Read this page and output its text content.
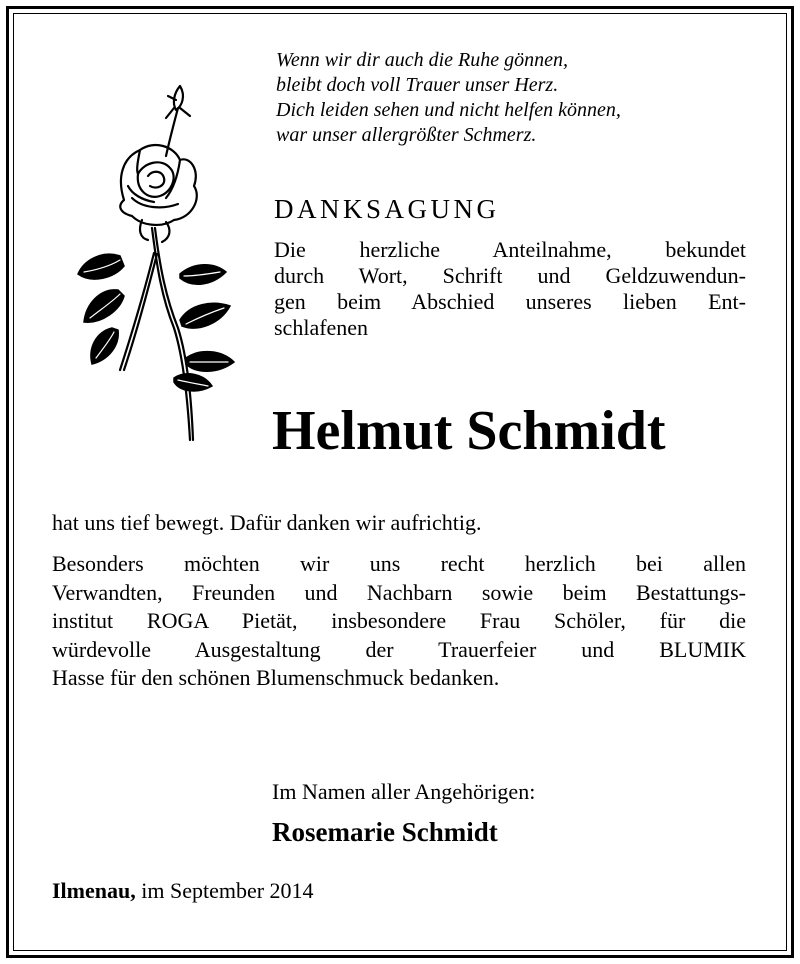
Wenn wir dir auch die Ruhe gönnen,
bleibt doch voll Trauer unser Herz.
Dich leiden sehen und nicht helfen können,
war unser allergrößter Schmerz.
DANKSAGUNG
Die herzliche Anteilnahme, bekundet
durch Wort, Schrift und Geldzuwendun-
gen beim Abschied unseres lieben Ent-
schlafenen
Helmut Schmidt
hat uns tief bewegt. Dafür danken wir aufrichtig.
Besonders möchten wir uns recht herzlich bei allen
Verwandten, Freunden und Nachbarn sowie beim Bestattungs-
institut ROGA Pietät, insbesondere Frau Schöler, für die
würdevolle Ausgestaltung der Trauerfeier und BLUMIK
Hasse für den schönen Blumenschmuck bedanken.
Im Namen aller Angehörigen:
Rosemarie Schmidt
Ilmenau, im September 2014
